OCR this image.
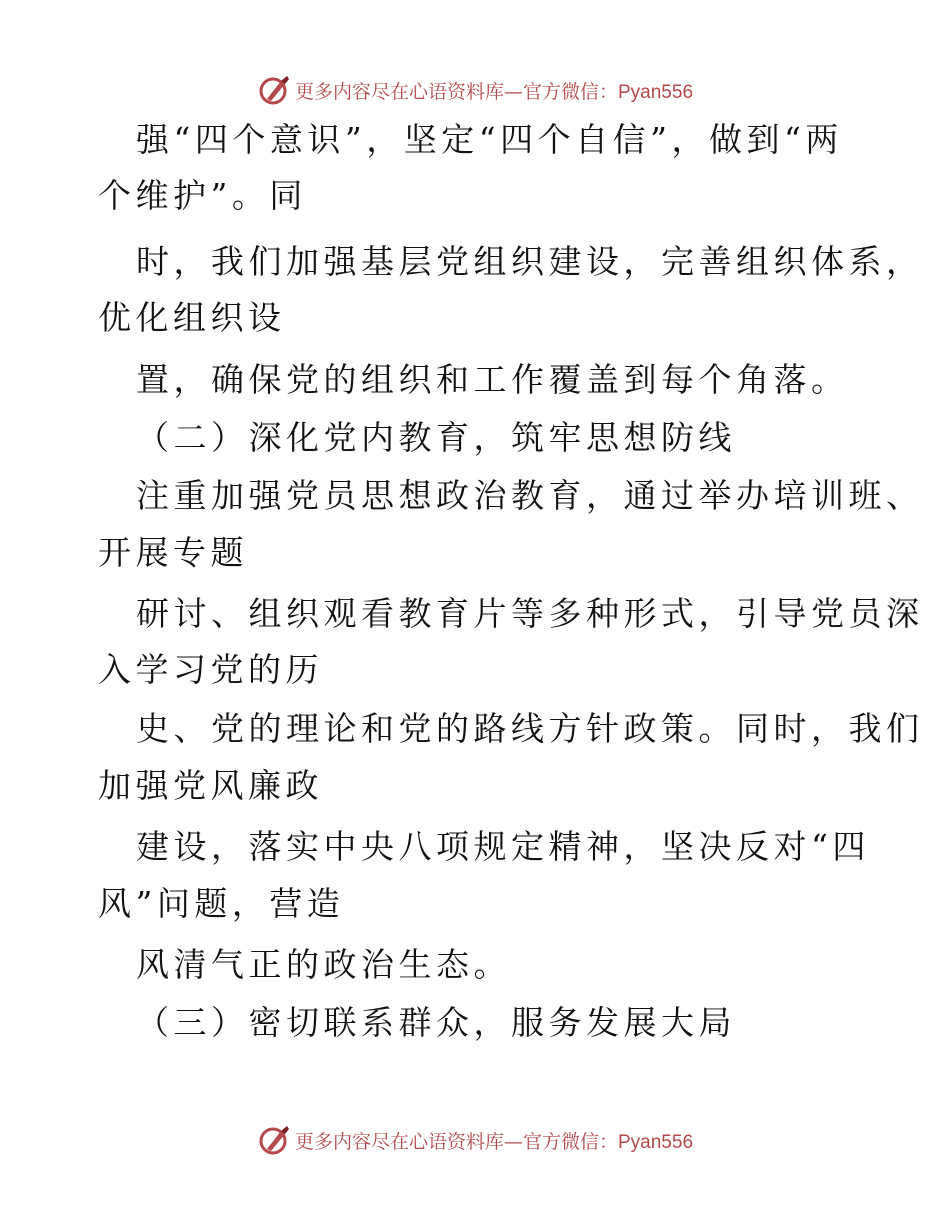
更多内容尽在心语资料库—官方微信：Pyan556
强“四个意识”，坚定“四个自信”，做到“两
个维护”。同
时，我们加强基层党组织建设，完善组织体系，
优化组织设
置，确保党的组织和工作覆盖到每个角落。
（二）深化党内教育，筑牢思想防线
注重加强党员思想政治教育，通过举办培训班、
开展专题
研讨、组织观看教育片等多种形式，引导党员深
入学习党的历
史、党的理论和党的路线方针政策。同时，我们
加强党风廉政
建设，落实中央八项规定精神，坚决反对“四
风”问题，营造
风清气正的政治生态。
（三）密切联系群众，服务发展大局
更多内容尽在心语资料库—官方微信：Pyan556
